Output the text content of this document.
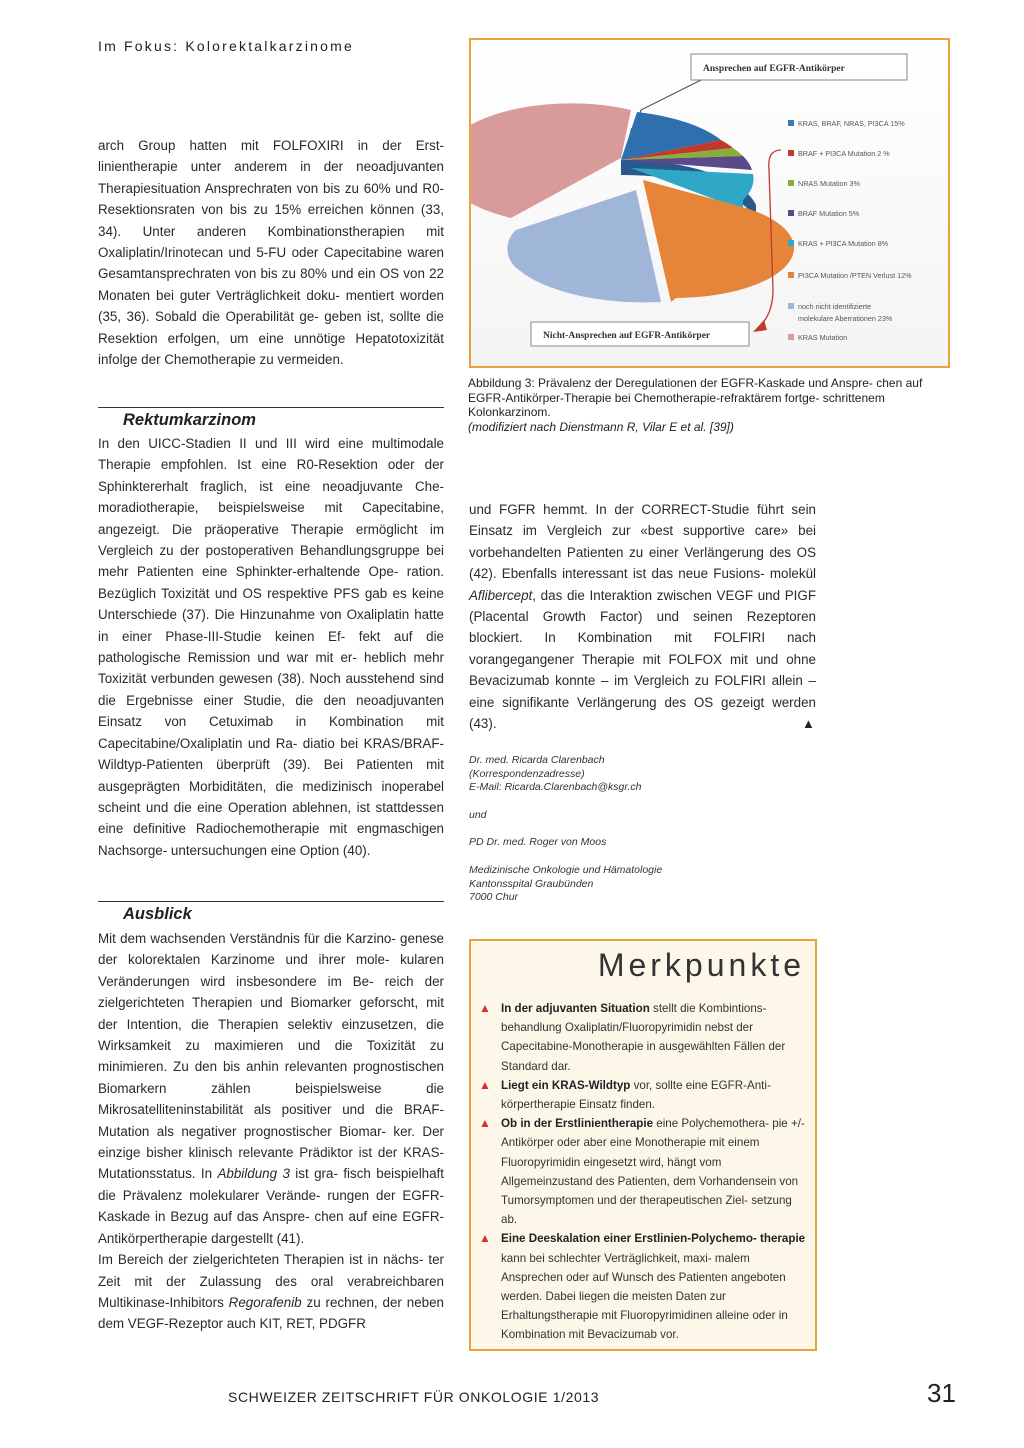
Im Fokus: Kolorektalkarzinome

arch Group hatten mit FOLFOXIRI in der Erst- linientherapie unter anderem in der neoadjuvanten Therapiesituation Ansprechraten von bis zu 60% und R0-Resektionsraten von bis zu 15% erreichen können (33, 34). Unter anderen Kombinationstherapien mit Oxaliplatin/Irinotecan und 5-FU oder Capecitabine waren Gesamtansprechraten von bis zu 80% und ein OS von 22 Monaten bei guter Verträglichkeit doku- mentiert worden (35, 36). Sobald die Operabilität ge- geben ist, sollte die Resektion erfolgen, um eine unnötige Hepatotoxizität infolge der Chemotherapie zu vermeiden.

Rektumkarzinom

In den UICC-Stadien II und III wird eine multimodale Therapie empfohlen. Ist eine R0-Resektion oder der Sphinktererhalt fraglich, ist eine neoadjuvante Che- moradiotherapie, beispielsweise mit Capecitabine, angezeigt. Die präoperative Therapie ermöglicht im Vergleich zu der postoperativen Behandlungsgruppe bei mehr Patienten eine Sphinkter-erhaltende Ope- ration. Bezüglich Toxizität und OS respektive PFS gab es keine Unterschiede (37). Die Hinzunahme von Oxaliplatin hatte in einer Phase-III-Studie keinen Ef- fekt auf die pathologische Remission und war mit er- heblich mehr Toxizität verbunden gewesen (38). Noch ausstehend sind die Ergebnisse einer Studie, die den neoadjuvanten Einsatz von Cetuximab in Kombination mit Capecitabine/Oxaliplatin und Ra- diatio bei KRAS/BRAF-Wildtyp-Patienten überprüft (39). Bei Patienten mit ausgeprägten Morbiditäten, die medizinisch inoperabel scheint und die eine Operation ablehnen, ist stattdessen eine definitive Radiochemotherapie mit engmaschigen Nachsorge- untersuchungen eine Option (40).

Ausblick

Mit dem wachsenden Verständnis für die Karzino- genese der kolorektalen Karzinome und ihrer mole- kularen Veränderungen wird insbesondere im Be- reich der zielgerichteten Therapien und Biomarker geforscht, mit der Intention, die Therapien selektiv einzusetzen, die Wirksamkeit zu maximieren und die Toxizität zu minimieren. Zu den bis anhin relevanten prognostischen Biomarkern zählen beispielsweise die Mikrosatelliteninstabilität als positiver und die BRAF-Mutation als negativer prognostischer Biomar- ker. Der einzige bisher klinisch relevante Prädiktor ist der KRAS-Mutationsstatus. In Abbildung 3 ist gra- fisch beispielhaft die Prävalenz molekularer Verände- rungen der EGFR-Kaskade in Bezug auf das Anspre- chen auf eine EGFR-Antikörpertherapie dargestellt (41).

Im Bereich der zielgerichteten Therapien ist in nächs- ter Zeit mit der Zulassung des oral verabreichbaren Multikinase-Inhibitors Regorafenib zu rechnen, der neben dem VEGF-Rezeptor auch KIT, RET, PDGFR

Ansprechen auf EGFR-Antikörper
Nicht-Ansprechen auf EGFR-Antikörper
KRAS, BRAF, NRAS, PI3CA 15%
BRAF + PI3CA Mutation 2 %
NRAS Mutation 3%
BRAF Mutation 5%
KRAS + PI3CA Mutation 8%
PI3CA Mutation /PTEN Verlust 12%
noch nicht identifizierte
molekulare Aberrationen 23%
KRAS Mutation
Abbildung 3: Prävalenz der Deregulationen der EGFR-Kaskade und Anspre- chen auf EGFR-Antikörper-Therapie bei Chemotherapie-refraktärem fortge- schrittenem Kolonkarzinom.
(modifiziert nach Dienstmann R, Vilar E et al. [39])

und FGFR hemmt. In der CORRECT-Studie führt sein Einsatz im Vergleich zur «best supportive care» bei vorbehandelten Patienten zu einer Verlängerung des OS (42). Ebenfalls interessant ist das neue Fusions- molekül Aflibercept, das die Interaktion zwischen VEGF und PIGF (Placental Growth Factor) und seinen Rezeptoren blockiert. In Kombination mit FOLFIRI nach vorangegangener Therapie mit FOLFOX mit und ohne Bevacizumab konnte – im Vergleich zu FOLFIRI allein – eine signifikante Verlängerung des OS gezeigt werden (43).	▲
Dr. med. Ricarda Clarenbach
(Korrespondenzadresse)
E-Mail: Ricarda.Clarenbach@ksgr.ch
und
PD Dr. med. Roger von Moos
Medizinische Onkologie und Hämatologie
Kantonsspital Graubünden
7000 Chur
Merkpunkte
▲ In der adjuvanten Situation stellt die Kombintions- behandlung Oxaliplatin/Fluoropyrimidin nebst der Capecitabine-Monotherapie in ausgewählten Fällen der Standard dar.
▲ Liegt ein KRAS-Wildtyp vor, sollte eine EGFR-Anti- körpertherapie Einsatz finden.
▲ Ob in der Erstlinientherapie eine Polychemothera- pie +/- Antikörper oder aber eine Monotherapie mit einem Fluoropyrimidin eingesetzt wird, hängt vom Allgemeinzustand des Patienten, dem Vorhandensein von Tumorsymptomen und der therapeutischen Ziel- setzung ab.
▲ Eine Deeskalation einer Erstlinien-Polychemo- therapie kann bei schlechter Verträglichkeit, maxi- malem Ansprechen oder auf Wunsch des Patienten angeboten werden. Dabei liegen die meisten Daten zur Erhaltungstherapie mit Fluoropyrimidinen alleine oder in Kombination mit Bevacizumab vor.
SCHWEIZER ZEITSCHRIFT FÜR ONKOLOGIE 1/2013	31
